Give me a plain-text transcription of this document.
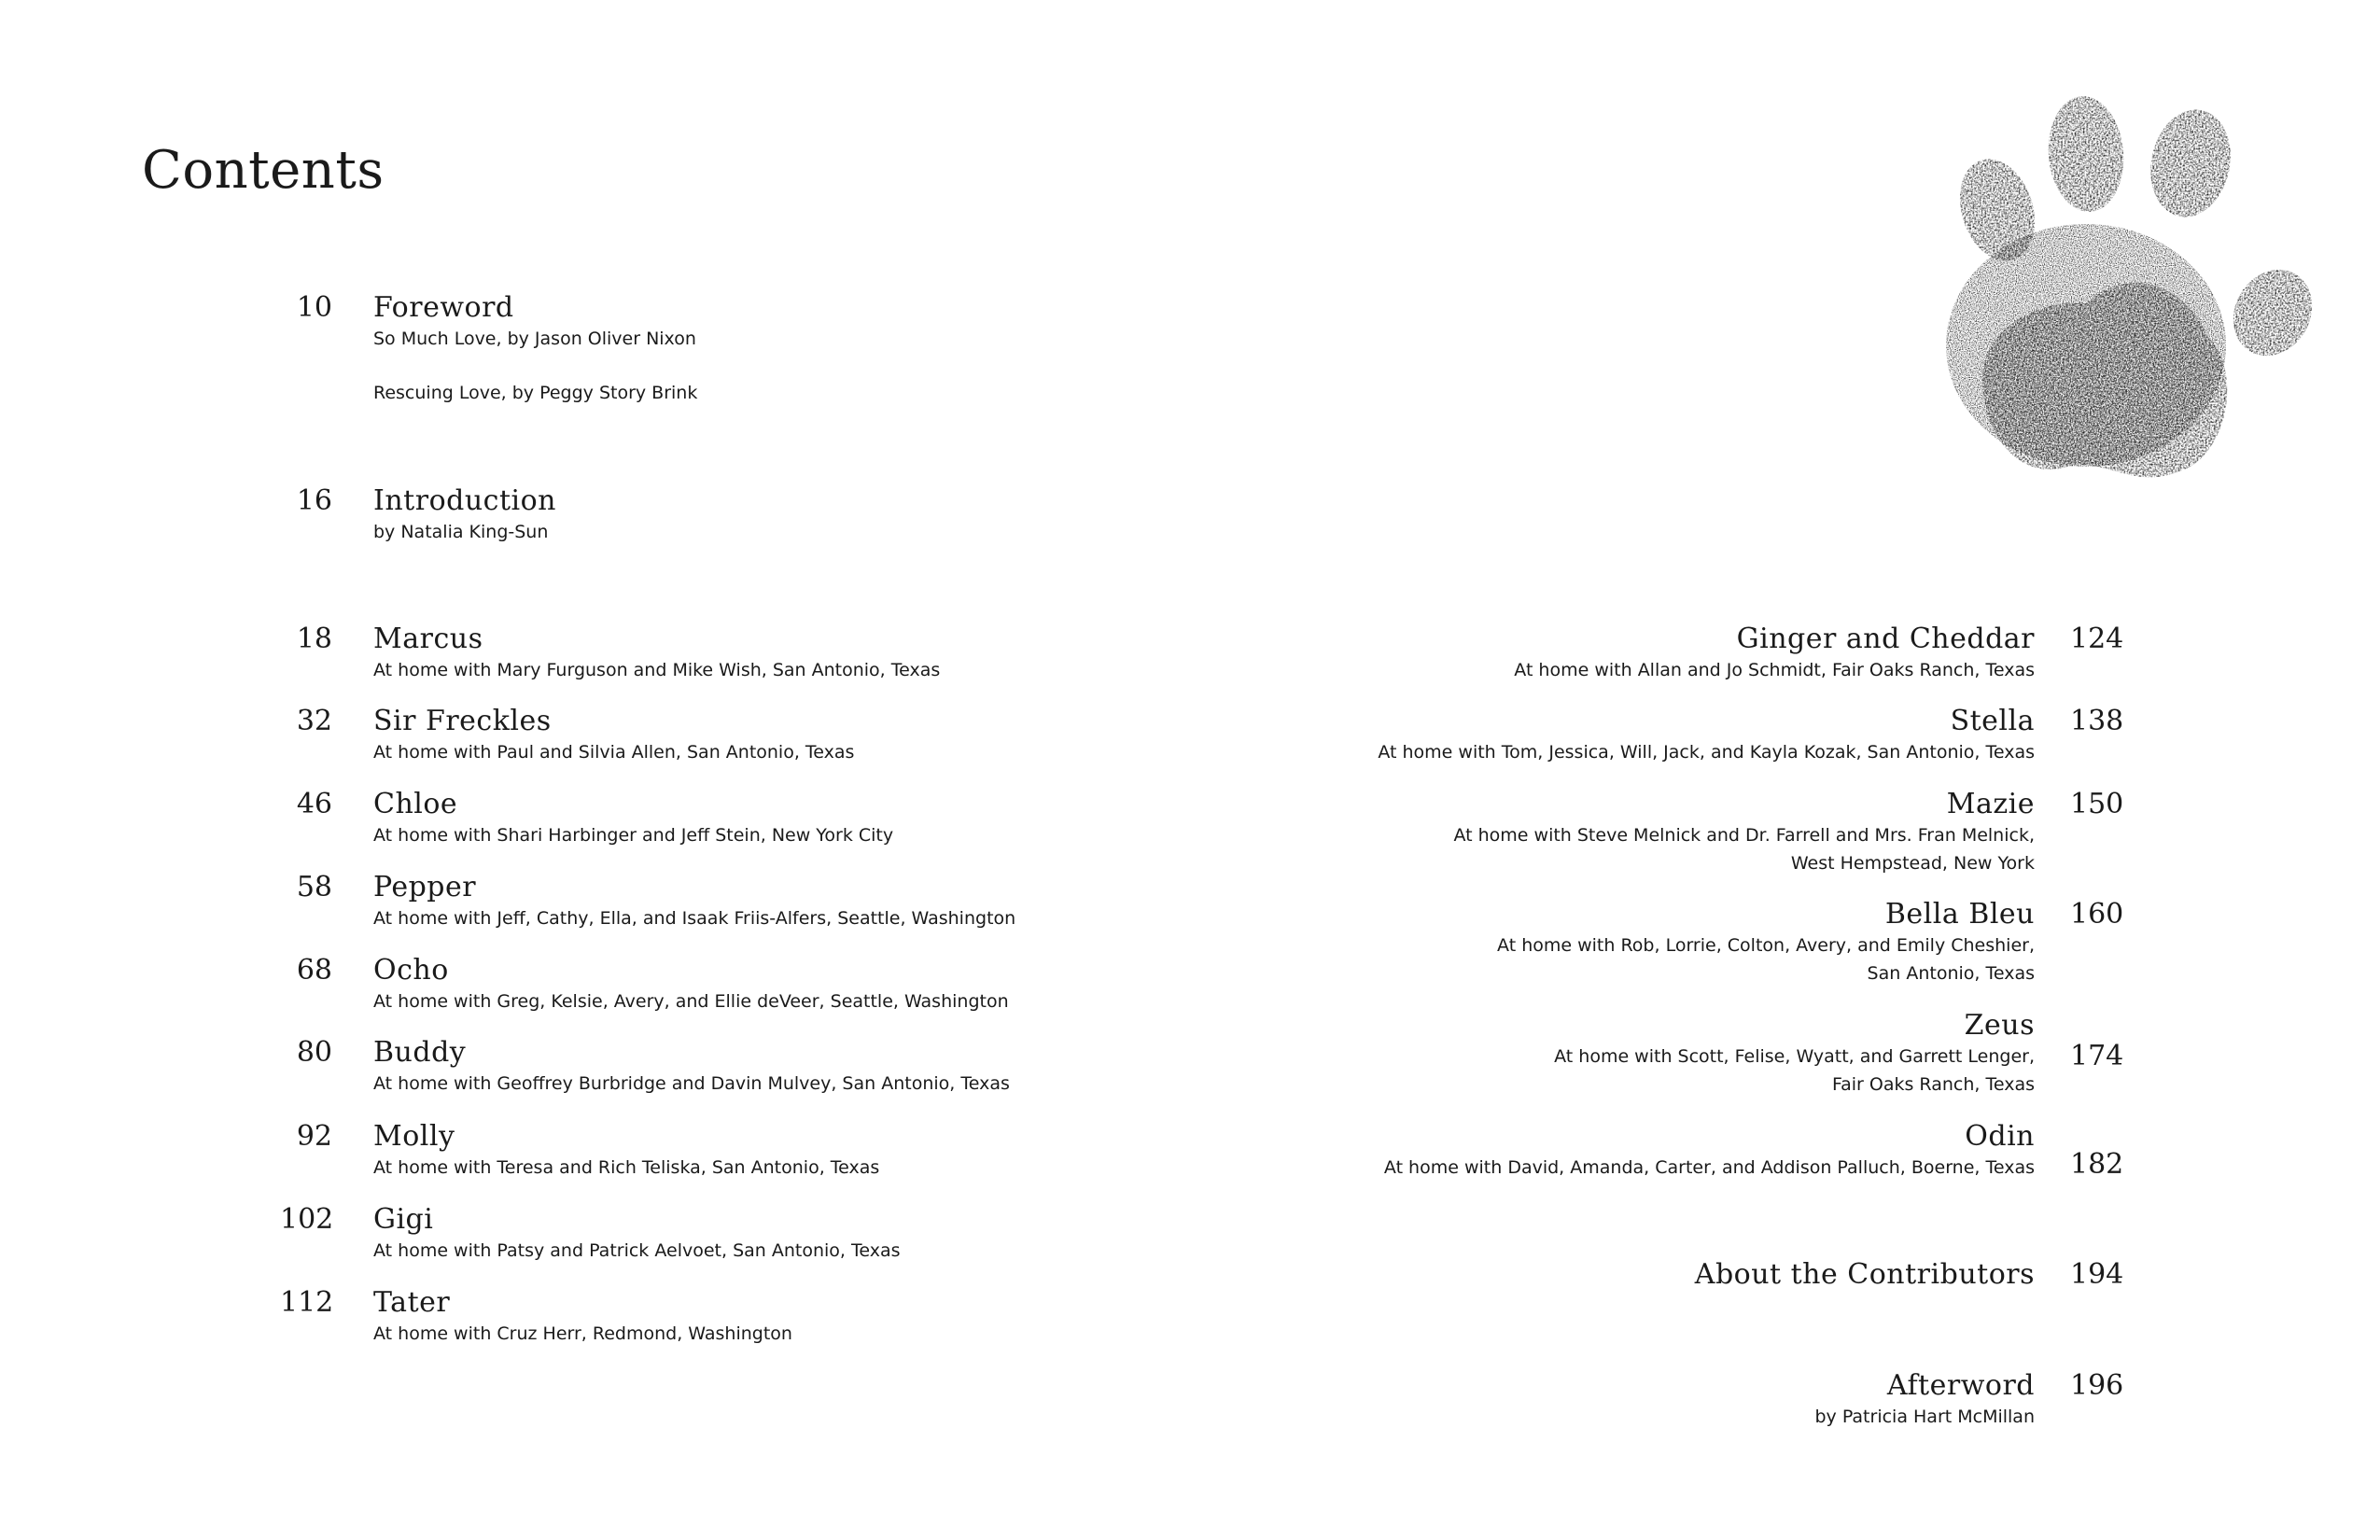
Contents
10 Foreword
So Much Love, by Jason Oliver Nixon
Rescuing Love, by Peggy Story Brink
16 Introduction
by Natalia King-Sun
18 Marcus
At home with Mary Furguson and Mike Wish, San Antonio, Texas
32 Sir Freckles
At home with Paul and Silvia Allen, San Antonio, Texas
46 Chloe
At home with Shari Harbinger and Jeff Stein, New York City
58 Pepper
At home with Jeff, Cathy, Ella, and Isaak Friis-Alfers, Seattle, Washington
68 Ocho
At home with Greg, Kelsie, Avery, and Ellie deVeer, Seattle, Washington
80 Buddy
At home with Geoffrey Burbridge and Davin Mulvey, San Antonio, Texas
92 Molly
At home with Teresa and Rich Teliska, San Antonio, Texas
102 Gigi
At home with Patsy and Patrick Aelvoet, San Antonio, Texas
112 Tater
At home with Cruz Herr, Redmond, Washington
Ginger and Cheddar
At home with Allan and Jo Schmidt, Fair Oaks Ranch, Texas
124
Stella
At home with Tom, Jessica, Will, Jack, and Kayla Kozak, San Antonio, Texas
138
Mazie
At home with Steve Melnick and Dr. Farrell and Mrs. Fran Melnick,
West Hempstead, New York
150
Bella Bleu
At home with Rob, Lorrie, Colton, Avery, and Emily Cheshier,
San Antonio, Texas
160
Zeus
At home with Scott, Felise, Wyatt, and Garrett Lenger,
Fair Oaks Ranch, Texas
174
Odin
At home with David, Amanda, Carter, and Addison Palluch, Boerne, Texas 182
About the Contributors 194
Afterword
by Patricia Hart McMillan
196
